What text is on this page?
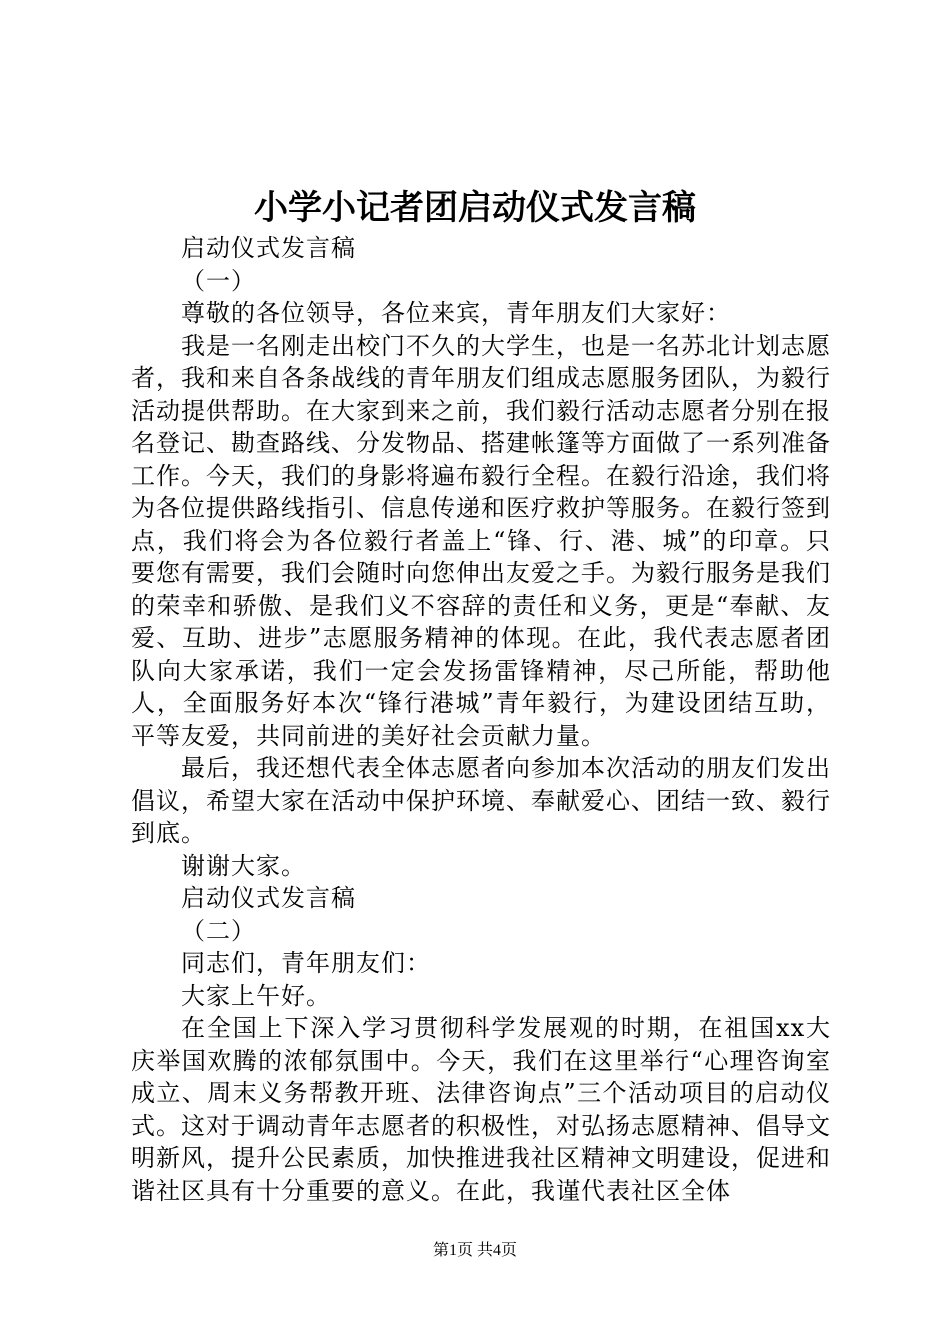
小学小记者团启动仪式发言稿

启动仪式发言稿

（一）

尊敬的各位领导，各位来宾，青年朋友们大家好：

我是一名刚走出校门不久的大学生，也是一名苏北计划志愿者，我和来自各条战线的青年朋友们组成志愿服务团队，为毅行活动提供帮助。在大家到来之前，我们毅行活动志愿者分别在报名登记、勘查路线、分发物品、搭建帐篷等方面做了一系列准备工作。今天，我们的身影将遍布毅行全程。在毅行沿途，我们将为各位提供路线指引、信息传递和医疗救护等服务。在毅行签到点，我们将会为各位毅行者盖上“锋、行、港、城”的印章。只要您有需要，我们会随时向您伸出友爱之手。为毅行服务是我们的荣幸和骄傲、是我们义不容辞的责任和义务，更是“奉献、友爱、互助、进步”志愿服务精神的体现。在此，我代表志愿者团队向大家承诺，我们一定会发扬雷锋精神，尽己所能，帮助他人，全面服务好本次“锋行港城”青年毅行，为建设团结互助，平等友爱，共同前进的美好社会贡献力量。

最后，我还想代表全体志愿者向参加本次活动的朋友们发出倡议，希望大家在活动中保护环境、奉献爱心、团结一致、毅行到底。

谢谢大家。

启动仪式发言稿

（二）

同志们，青年朋友们：

大家上午好。

在全国上下深入学习贯彻科学发展观的时期，在祖国xx大庆举国欢腾的浓郁氛围中。今天，我们在这里举行“心理咨询室成立、周末义务帮教开班、法律咨询点”三个活动项目的启动仪式。这对于调动青年志愿者的积极性，对弘扬志愿精神、倡导文明新风，提升公民素质，加快推进我社区精神文明建设，促进和谐社区具有十分重要的意义。在此，我谨代表社区全体

第1页 共4页
